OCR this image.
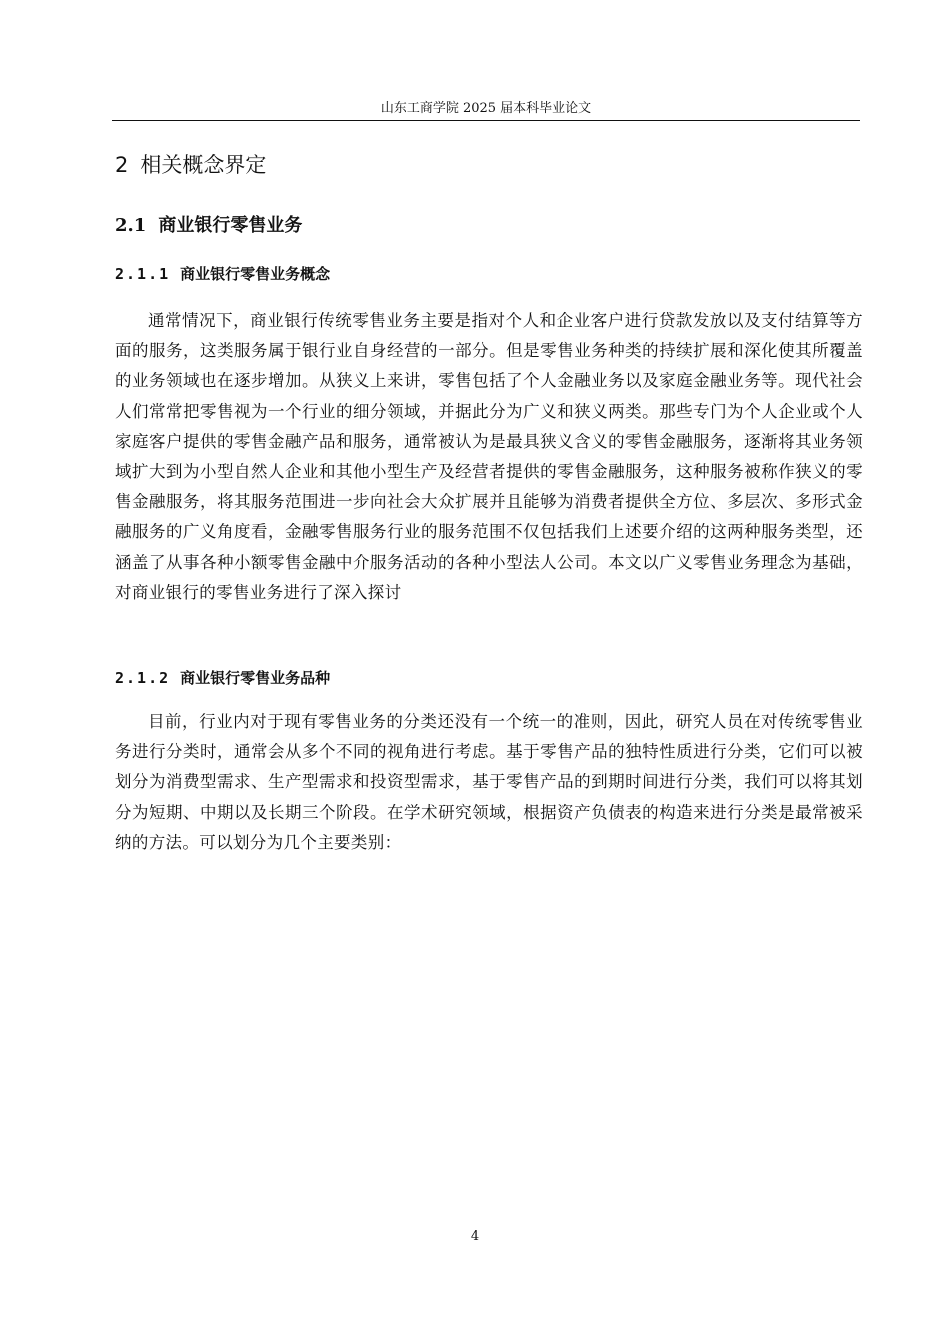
山东工商学院 2025 届本科毕业论文
2 相关概念界定
2.1 商业银行零售业务
2.1.1 商业银行零售业务概念

通常情况下，商业银行传统零售业务主要是指对个人和企业客户进行贷款发放以及支付结算等方面的服务，这类服务属于银行业自身经营的一部分。但是零售业务种类的持续扩展和深化使其所覆盖的业务领域也在逐步增加。从狭义上来讲，零售包括了个人金融业务以及家庭金融业务等。现代社会人们常常把零售视为一个行业的细分领域，并据此分为广义和狭义两类。那些专门为个人企业或个人家庭客户提供的零售金融产品和服务，通常被认为是最具狭义含义的零售金融服务，逐渐将其业务领域扩大到为小型自然人企业和其他小型生产及经营者提供的零售金融服务，这种服务被称作狭义的零售金融服务，将其服务范围进一步向社会大众扩展并且能够为消费者提供全方位、多层次、多形式金融服务的广义角度看，金融零售服务行业的服务范围不仅包括我们上述要介绍的这两种服务类型，还涵盖了从事各种小额零售金融中介服务活动的各种小型法人公司。本文以广义零售业务理念为基础，对商业银行的零售业务进行了深入探讨

2.1.2 商业银行零售业务品种

目前，行业内对于现有零售业务的分类还没有一个统一的准则，因此，研究人员在对传统零售业务进行分类时，通常会从多个不同的视角进行考虑。基于零售产品的独特性质进行分类，它们可以被划分为消费型需求、生产型需求和投资型需求，基于零售产品的到期时间进行分类，我们可以将其划分为短期、中期以及长期三个阶段。在学术研究领域，根据资产负债表的构造来进行分类是最常被采纳的方法。可以划分为几个主要类别：

4
